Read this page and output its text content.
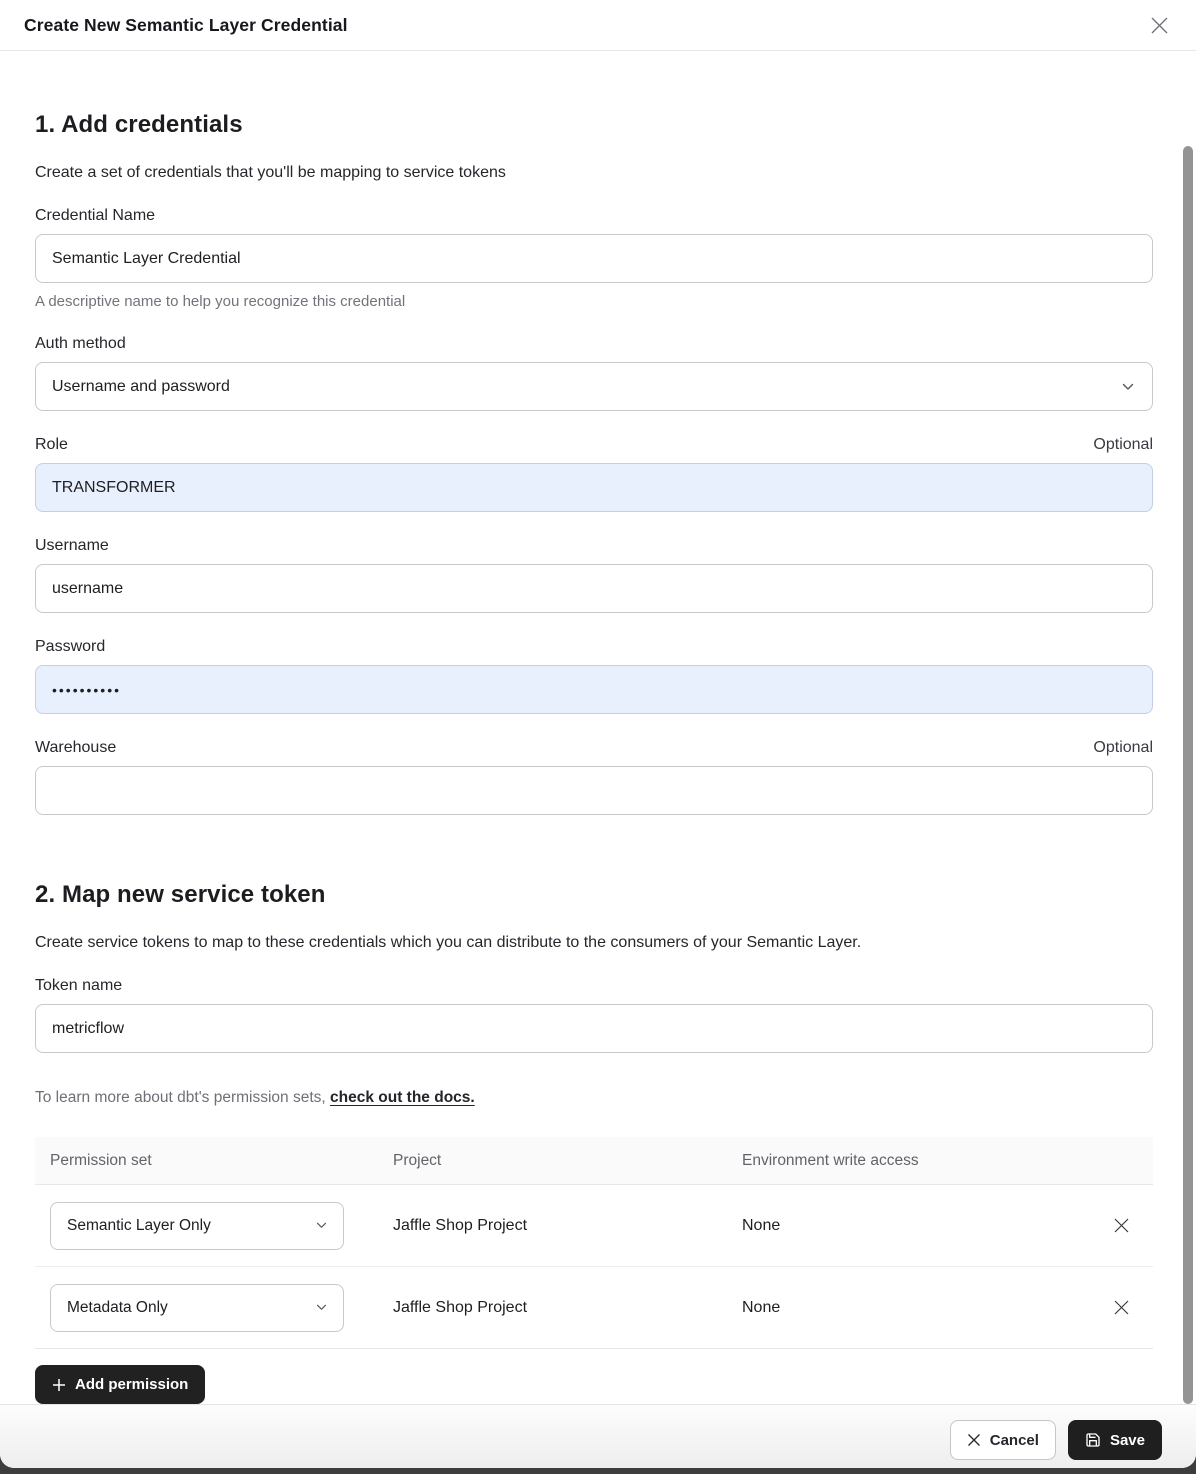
Create New Semantic Layer Credential
1. Add credentials
Create a set of credentials that you'll be mapping to service tokens
Credential Name
Semantic Layer Credential
A descriptive name to help you recognize this credential
Auth method
Username and password
Role	Optional
TRANSFORMER
Username
username
Password
••••••••••
Warehouse	Optional
2. Map new service token
Create service tokens to map to these credentials which you can distribute to the consumers of your Semantic Layer.
Token name
metricflow
To learn more about dbt's permission sets, check out the docs.
Permission set	Project	Environment write access
Semantic Layer Only	Jaffle Shop Project	None
Metadata Only	Jaffle Shop Project	None
Add permission
Cancel	Save
